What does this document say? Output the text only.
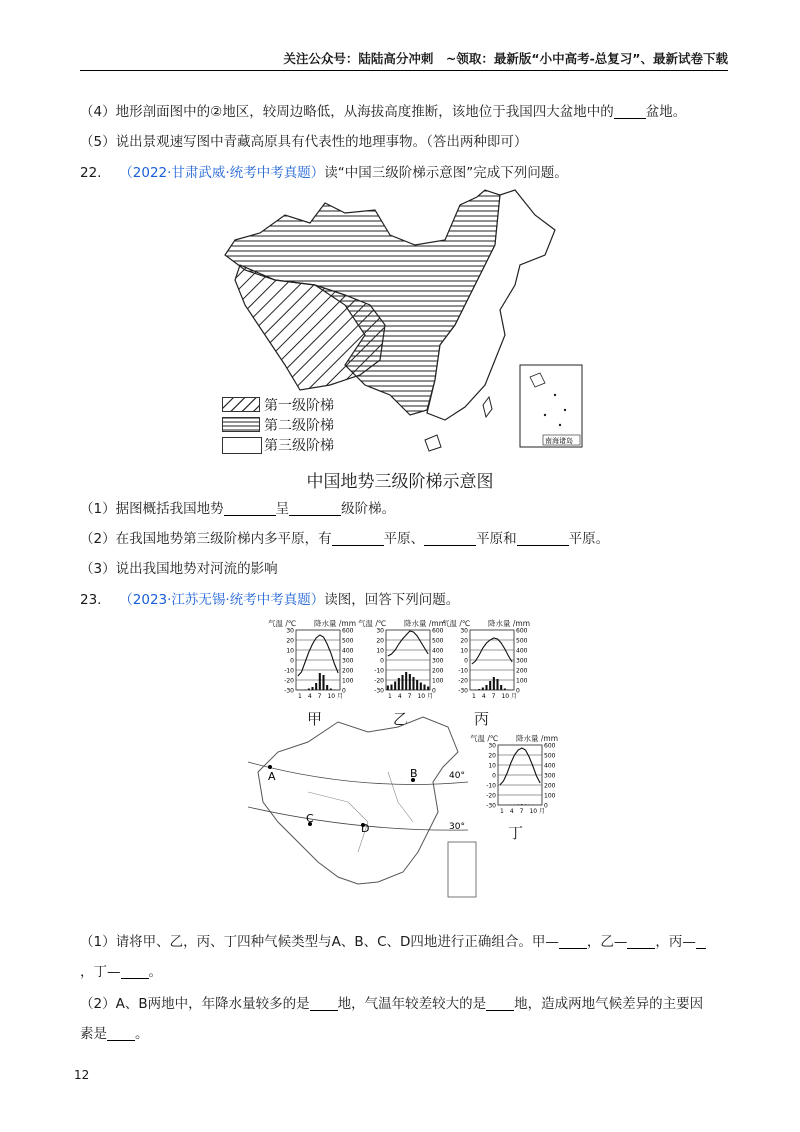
关注公众号：陆陆高分冲刺　~领取：最新版“小中高考-总复习”、最新试卷下载
（4）地形剖面图中的②地区，较周边略低，从海拔高度推断，该地位于我国四大盆地中的 盆地。
（5）说出景观速写图中青藏高原具有代表性的地理事物。（答出两种即可）
22.　 （2022·甘肃武威·统考中考真题）读“中国三级阶梯示意图”完成下列问题。
南海诸岛
第一级阶梯
第二级阶梯
第三级阶梯
中国地势三级阶梯示意图
（1）据图概括我国地势	呈	级阶梯。
（2）在我国地势第三级阶梯内多平原，有	平原、	平原和	平原。
（3）说出我国地势对河流的影响
23.　 （2023·江苏无锡·统考中考真题）读图，回答下列问题。
气温 /℃ 降水量 /mm
30
20
10
0
-10
-20
-30
600
500
400
300
200
100
0
1　4　7　10 月
气温 /℃ 降水量 /mm
30
20
10
0
-10
-20
-30
600
500
400
300
200
100
0
1　4　7　10 月
气温 /℃ 降水量 /mm
30
20
10
0
-10
-20
-30
600
500
400
300
200
100
0
1　4　7　10 月
气温 /℃ 降水量 /mm
30
20
10
0
-10
-20
-30
600
500
400
300
200
100
0
1　4　7　10 月
甲	乙	丙
丁
A	B
C
D
40°
30°
（1）请将甲、乙，丙、丁四种气候类型与A、B、C、D四地进行正确组合。甲— ，乙— ，丙—
，丁— 。
（2）A、B两地中，年降水量较多的是 地，气温年较差较大的是 地，造成两地气候差异的主要因
素是 。
12
